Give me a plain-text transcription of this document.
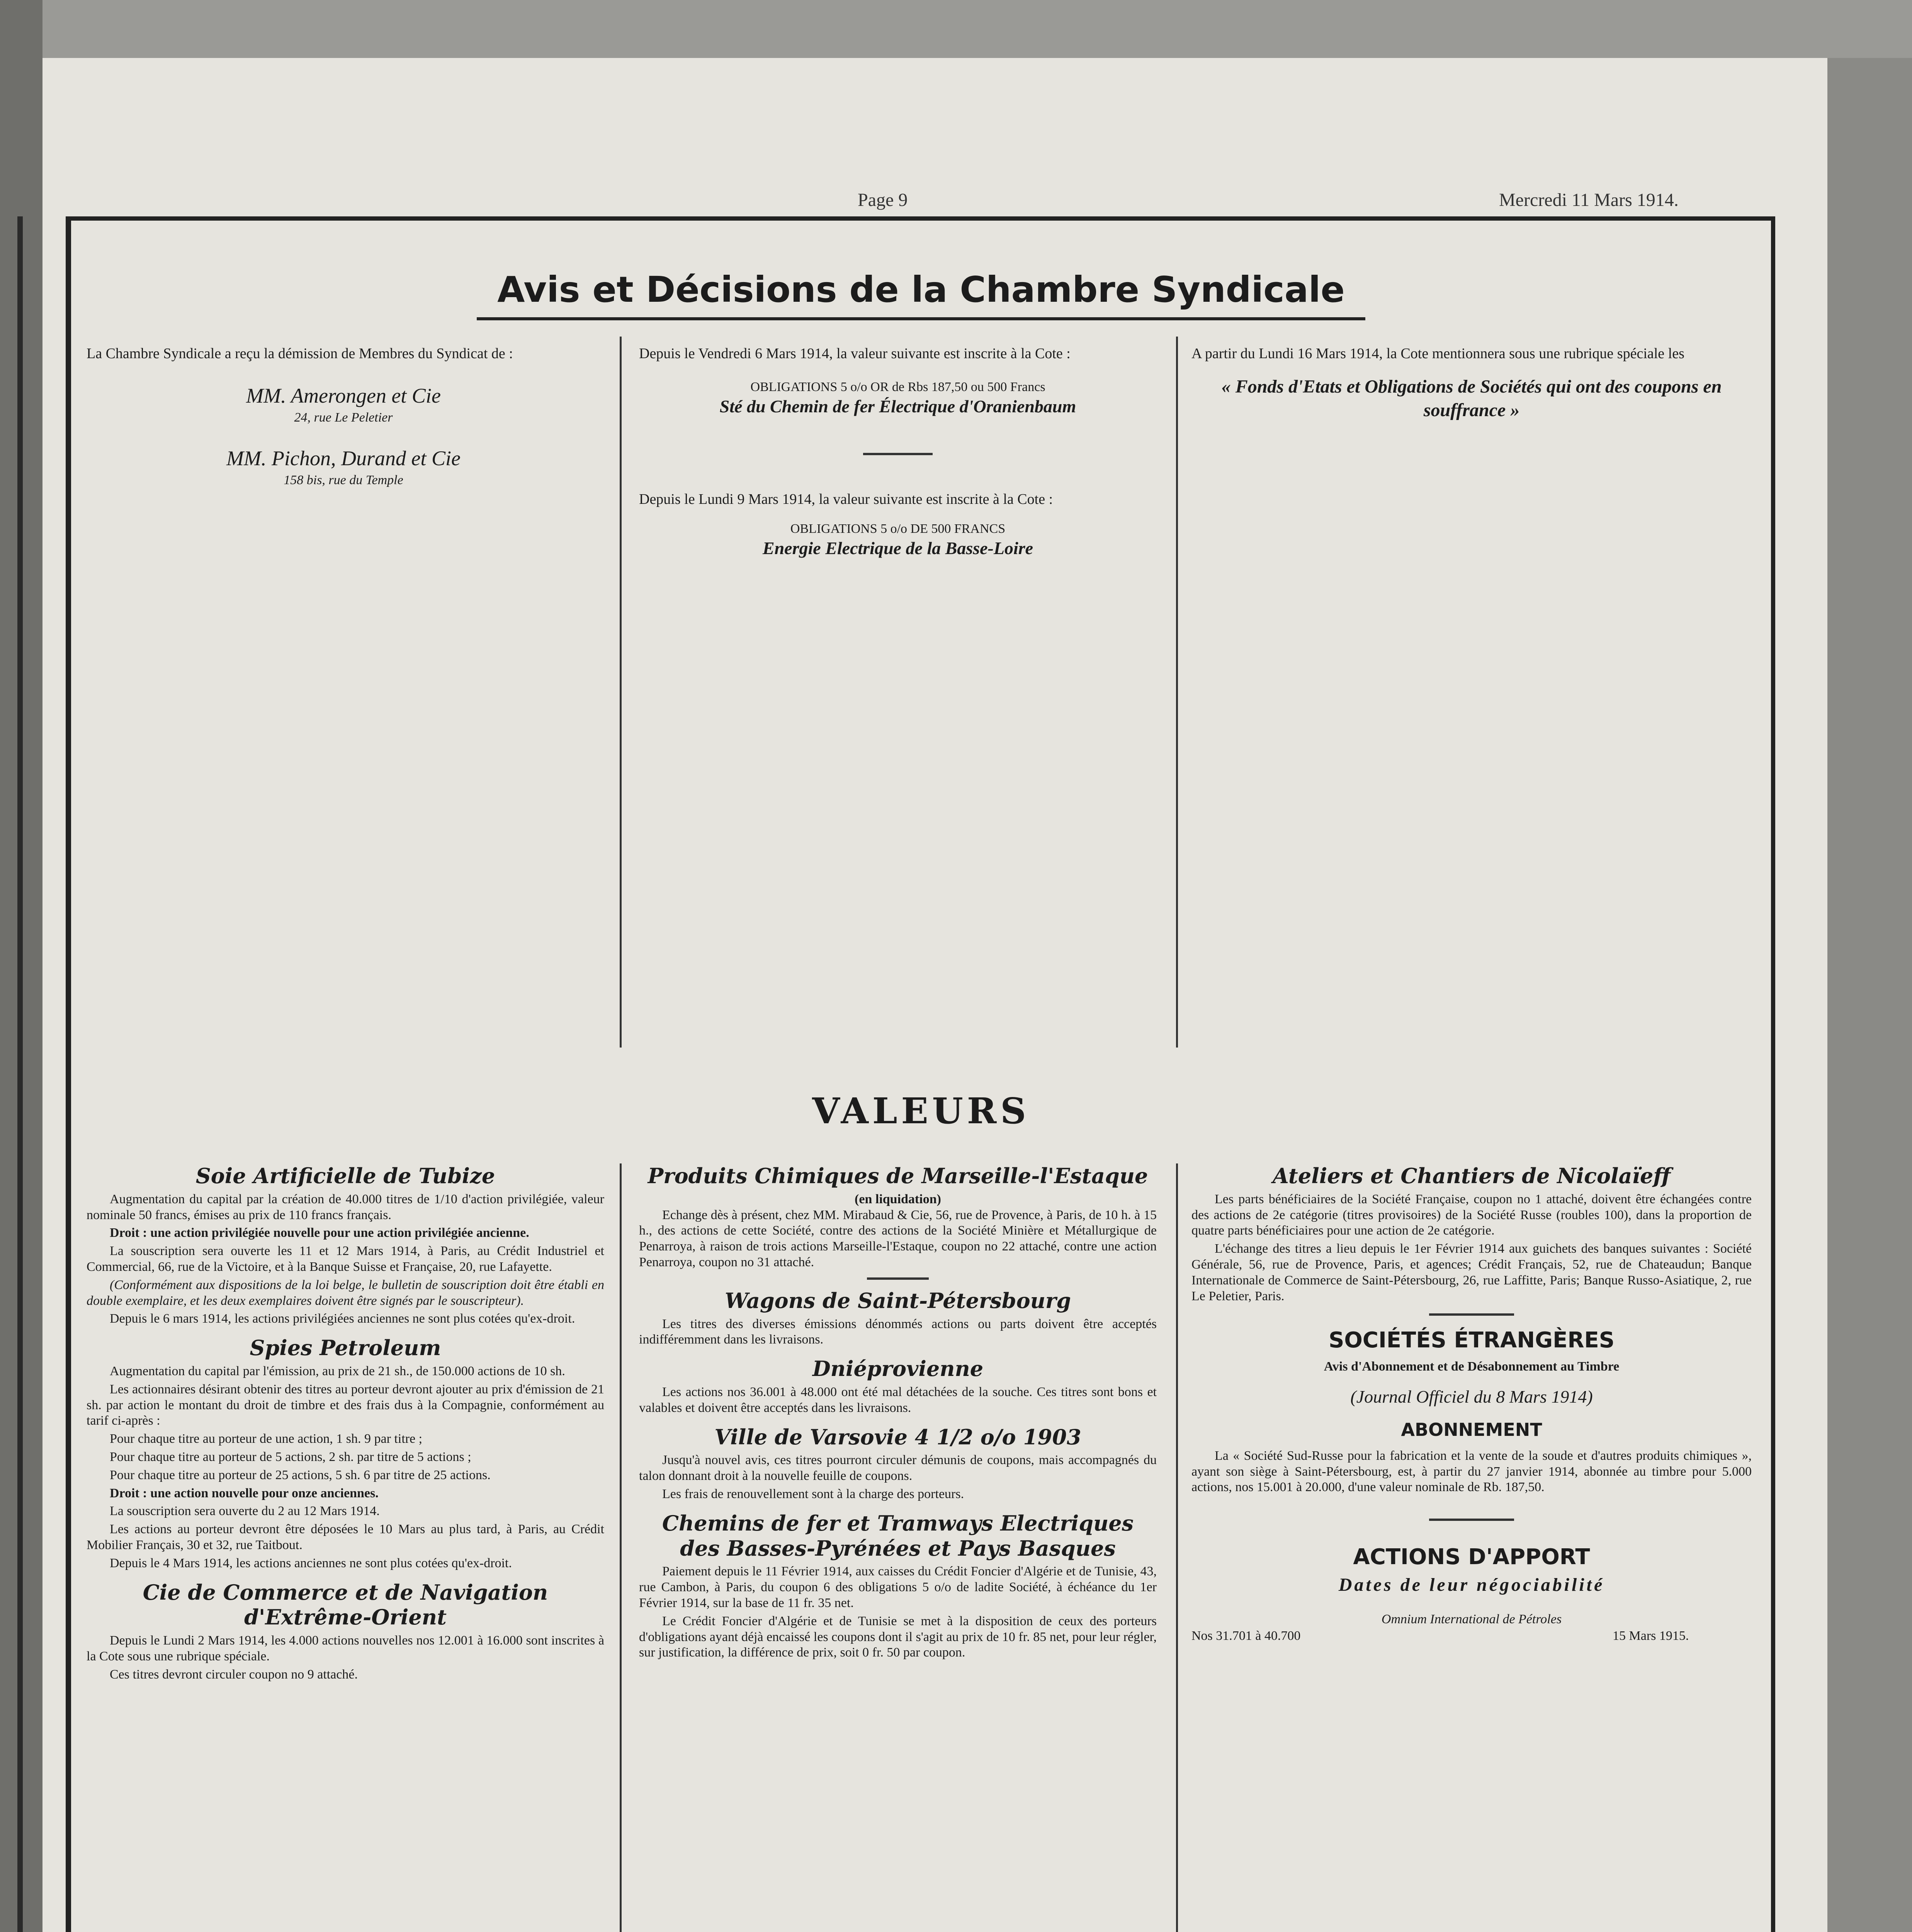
Page 9	Mercredi 11 Mars 1914.
Avis et Décisions de la Chambre Syndicale

La Chambre Syndicale a reçu la démission de Membres du Syndicat de :

MM. Amerongen et Cie
24, rue Le Peletier
MM. Pichon, Durand et Cie
158 bis, rue du Temple

Depuis le Vendredi 6 Mars 1914, la valeur suivante est inscrite à la Cote :

OBLIGATIONS 5 o/o OR de Rbs 187,50 ou 500 Francs
Sté du Chemin de fer Électrique d'Oranienbaum

Depuis le Lundi 9 Mars 1914, la valeur suivante est inscrite à la Cote :

OBLIGATIONS 5 o/o DE 500 FRANCS
Energie Electrique de la Basse-Loire

A partir du Lundi 16 Mars 1914, la Cote mentionnera sous une rubrique spéciale les

« Fonds d'Etats et Obligations de Sociétés qui ont des coupons en souffrance »
VALEURS
Soie Artificielle de Tubize

Augmentation du capital par la création de 40.000 titres de 1/10 d'action privilégiée, valeur nominale 50 francs, émises au prix de 110 francs français.

Droit : une action privilégiée nouvelle pour une action privilégiée ancienne.

La souscription sera ouverte les 11 et 12 Mars 1914, à Paris, au Crédit Industriel et Commercial, 66, rue de la Victoire, et à la Banque Suisse et Française, 20, rue Lafayette.

(Conformément aux dispositions de la loi belge, le bulletin de souscription doit être établi en double exemplaire, et les deux exemplaires doivent être signés par le souscripteur).

Depuis le 6 mars 1914, les actions privilégiées anciennes ne sont plus cotées qu'ex-droit.

Spies Petroleum

Augmentation du capital par l'émission, au prix de 21 sh., de 150.000 actions de 10 sh.

Les actionnaires désirant obtenir des titres au porteur devront ajouter au prix d'émission de 21 sh. par action le montant du droit de timbre et des frais dus à la Compagnie, conformément au tarif ci-après :

Pour chaque titre au porteur de une action, 1 sh. 9 par titre ;

Pour chaque titre au porteur de 5 actions, 2 sh. par titre de 5 actions ;

Pour chaque titre au porteur de 25 actions, 5 sh. 6 par titre de 25 actions.

Droit : une action nouvelle pour onze anciennes.

La souscription sera ouverte du 2 au 12 Mars 1914.

Les actions au porteur devront être déposées le 10 Mars au plus tard, à Paris, au Crédit Mobilier Français, 30 et 32, rue Taitbout.

Depuis le 4 Mars 1914, les actions anciennes ne sont plus cotées qu'ex-droit.

Cie de Commerce et de Navigation d'Extrême-Orient

Depuis le Lundi 2 Mars 1914, les 4.000 actions nouvelles nos 12.001 à 16.000 sont inscrites à la Cote sous une rubrique spéciale.

Ces titres devront circuler coupon no 9 attaché.

Produits Chimiques de Marseille-l'Estaque
(en liquidation)

Echange dès à présent, chez MM. Mirabaud & Cie, 56, rue de Provence, à Paris, de 10 h. à 15 h., des actions de cette Société, contre des actions de la Société Minière et Métallurgique de Penarroya, à raison de trois actions Marseille-l'Estaque, coupon no 22 attaché, contre une action Penarroya, coupon no 31 attaché.

Wagons de Saint-Pétersbourg

Les titres des diverses émissions dénommés actions ou parts doivent être acceptés indifféremment dans les livraisons.

Dniéprovienne

Les actions nos 36.001 à 48.000 ont été mal détachées de la souche. Ces titres sont bons et valables et doivent être acceptés dans les livraisons.

Ville de Varsovie 4 1/2 o/o 1903

Jusqu'à nouvel avis, ces titres pourront circuler démunis de coupons, mais accompagnés du talon donnant droit à la nouvelle feuille de coupons.

Les frais de renouvellement sont à la charge des porteurs.

Chemins de fer et Tramways Electriques des Basses-Pyrénées et Pays Basques

Paiement depuis le 11 Février 1914, aux caisses du Crédit Foncier d'Algérie et de Tunisie, 43, rue Cambon, à Paris, du coupon 6 des obligations 5 o/o de ladite Société, à échéance du 1er Février 1914, sur la base de 11 fr. 35 net.

Le Crédit Foncier d'Algérie et de Tunisie se met à la disposition de ceux des porteurs d'obligations ayant déjà encaissé les coupons dont il s'agit au prix de 10 fr. 85 net, pour leur régler, sur justification, la différence de prix, soit 0 fr. 50 par coupon.

Ateliers et Chantiers de Nicolaïeff

Les parts bénéficiaires de la Société Française, coupon no 1 attaché, doivent être échangées contre des actions de 2e catégorie (titres provisoires) de la Société Russe (roubles 100), dans la proportion de quatre parts bénéficiaires pour une action de 2e catégorie.

L'échange des titres a lieu depuis le 1er Février 1914 aux guichets des banques suivantes : Société Générale, 56, rue de Provence, Paris, et agences; Crédit Français, 52, rue de Chateaudun; Banque Internationale de Commerce de Saint-Pétersbourg, 26, rue Laffitte, Paris; Banque Russo-Asiatique, 2, rue Le Peletier, Paris.

SOCIÉTÉS ÉTRANGÈRES
Avis d'Abonnement et de Désabonnement au Timbre
(Journal Officiel du 8 Mars 1914)
ABONNEMENT

La « Société Sud-Russe pour la fabrication et la vente de la soude et d'autres produits chimiques », ayant son siège à Saint-Pétersbourg, est, à partir du 27 janvier 1914, abonnée au timbre pour 5.000 actions, nos 15.001 à 20.000, d'une valeur nominale de Rb. 187,50.

ACTIONS D'APPORT
Dates de leur négociabilité
Omnium International de Pétroles
Nos 31.701 à 40.700	15 Mars 1915.
